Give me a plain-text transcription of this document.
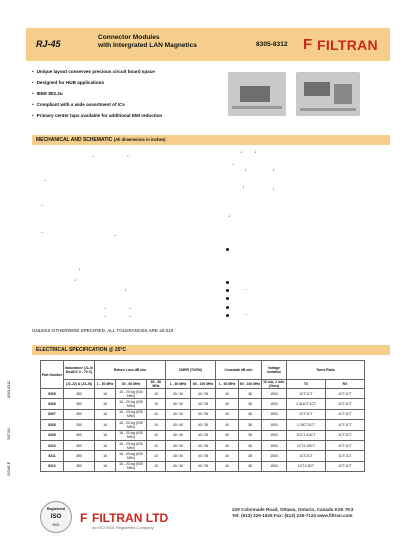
RJ-45
Connector Modules
with Intergrated LAN Magnetics	8305-8312 F FILTRAN
• Unique layout conserves precious circuit board space
• Designed for HUB applications
• IEEE 802.3u
• Compliant with a wide assortment of ICs
• Primary center taps available for additional EMI reduction
MECHANICAL AND SCHEMATIC (All dimensions in inches)
→	←
→
←
←	→
↑
↓
↓
→	←
→	←
↓ ↓
→
↓	↓
↑	↑
↓
· ·
· ·
UNLESS OTHERWISE SPECIFIED, ALL TOLERANCES ARE ±0.010
ELECTRICAL SPECIFICATION @ 25°C
Part Number	Inductance (J1-in 8mADC 0 - 70 C)	Return Loss dB min			CMRR (TX/RX)		Crosstalk dB min		Voltage Isolation	Turns Ratio	
	(J1-J2) & (J3-J6)	1 - 30 MHz	30 - 60 MHz	60 - 80 MHz	1 - 60 MHz	60 - 100 MHz	1 - 60 MHz	60 - 100 MHz	10 mA, 1 min. (Vrms)	TX	RX
8305	350	16	16 - 20 log (f/30 MHz)	10	40 / 40	40 / 35	40	38	1500	1CT:1CT	1CT:1CT
8306	350	16	16 - 20 log (f/30 MHz)	10	40 / 40	40 / 35	40	38	1500	1.414CT:1CT	1CT:1CT
8307	350	16	16 - 20 log (f/30 MHz)	10	40 / 40	40 / 35	40	38	1500	2CT:1CT	1CT:1CT
8308	350	16	16 - 20 log (f/30 MHz)	10	40 / 40	40 / 35	40	38	1500	1.25CT:1CT	1CT:1CT
8309	350	16	16 - 20 log (f/30 MHz)	10	40 / 40	40 / 35	40	38	1500	1CT:1.41tCT	1CT:1CT
8310	350	16	16 - 20 log (f/30 MHz)	10	40 / 40	40 / 35	40	38	1500	1CT:1.29CT	1CT:1CT
8311	350	16	16 - 20 log (f/30 MHz)	10	40 / 40	40 / 35	40	38	1500	1CT:2CT	1CT:1CT
8312	350	16	16 - 20 log (f/30 MHz)	10	40 / 40	40 / 35	40	38	1500	1CT:2.5CT	1CT:1CT
8305-8312
3/07/02
ISSUE E
Registered
ISO
9001	F FILTRAN LTD
An ISO 9001 Registered Company
229 Colonnade Road, Ottawa, Ontario, Canada K2E 7K3
Tel: (613) 226-1626 Fax: (613) 226-7124 www.filtran.com
